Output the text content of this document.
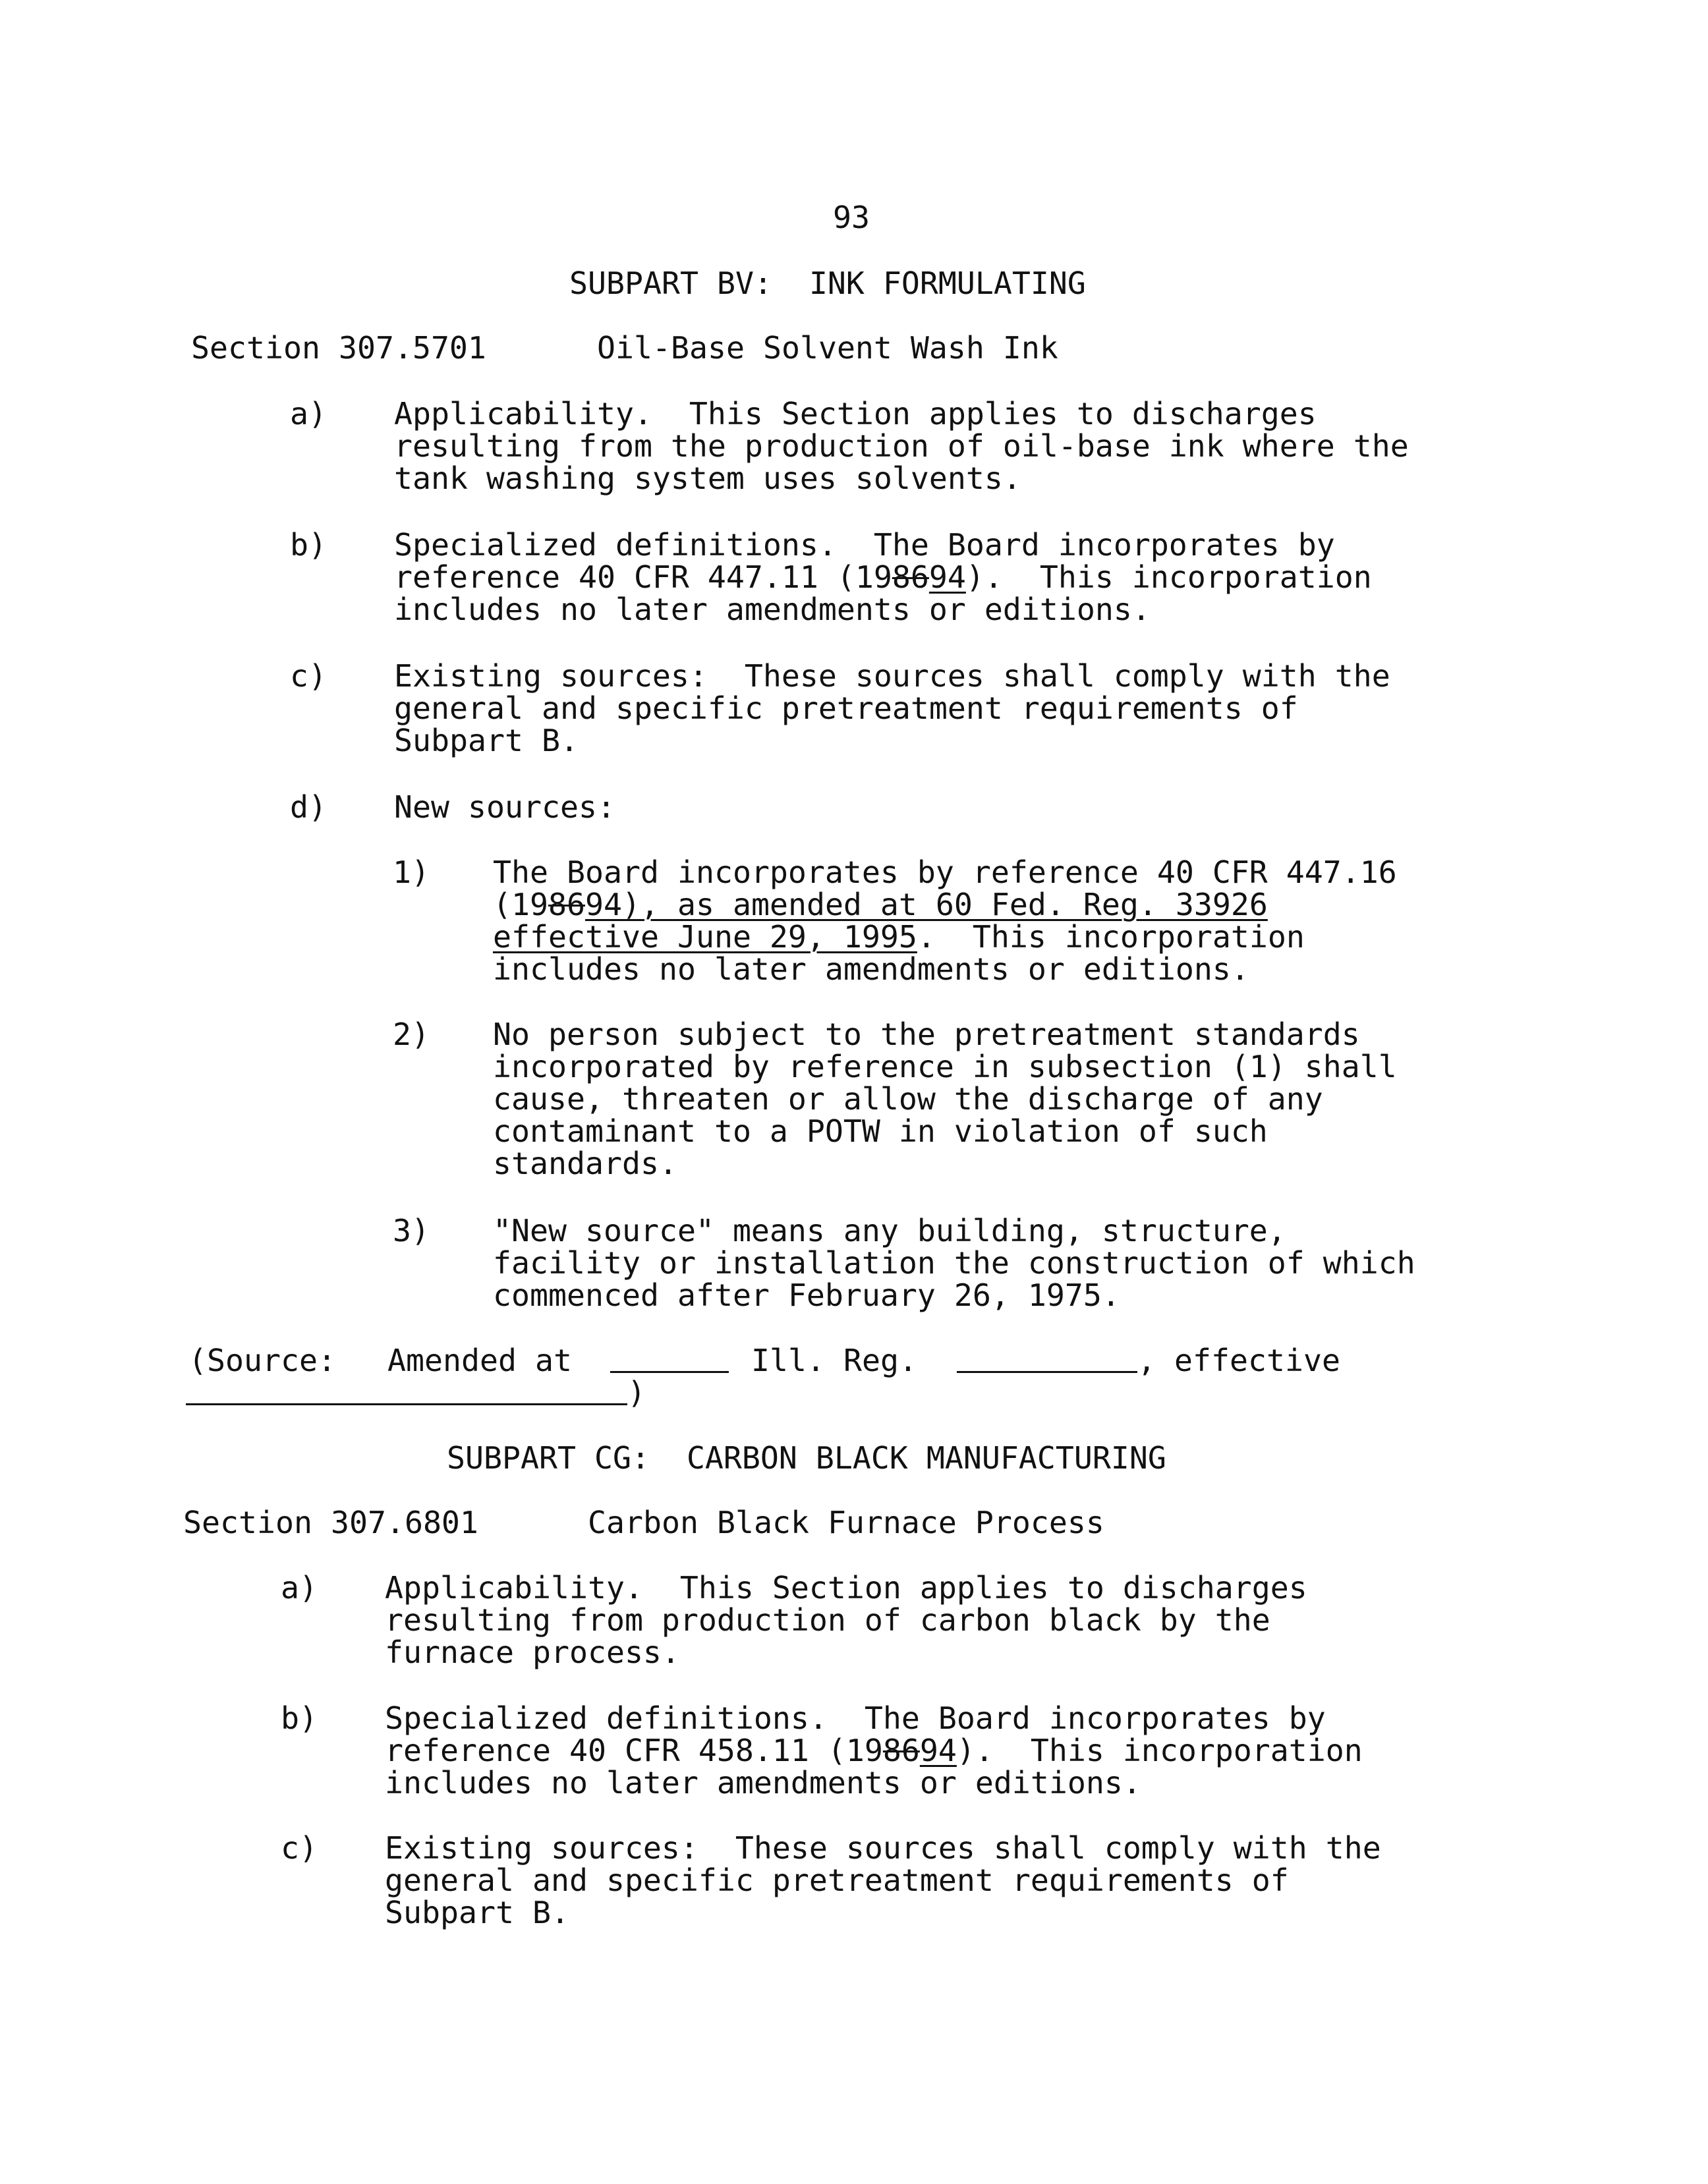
93
SUBPART BV:  INK FORMULATING
Section 307.5701	Oil-Base Solvent Wash Ink
a) Applicability.  This Section applies to discharges
resulting from the production of oil-base ink where the
tank washing system uses solvents.
b) Specialized definitions.  The Board incorporates by
reference 40 CFR 447.11 (198694).  This incorporation
includes no later amendments or editions.
c) Existing sources:  These sources shall comply with the
general and specific pretreatment requirements of
Subpart B.
d) New sources:
1) The Board incorporates by reference 40 CFR 447.16
(198694), as amended at 60 Fed. Reg. 33926
effective June 29, 1995.  This incorporation
includes no later amendments or editions.
2) No person subject to the pretreatment standards
incorporated by reference in subsection (1) shall
cause, threaten or allow the discharge of any
contaminant to a POTW in violation of such
standards.
3) "New source" means any building, structure,
facility or installation the construction of which
commenced after February 26, 1975.
(Source: Amended at	Ill. Reg.	, effective
)
SUBPART CG:  CARBON BLACK MANUFACTURING
Section 307.6801	Carbon Black Furnace Process
a) Applicability.  This Section applies to discharges
resulting from production of carbon black by the
furnace process.
b) Specialized definitions.  The Board incorporates by
reference 40 CFR 458.11 (198694).  This incorporation
includes no later amendments or editions.
c) Existing sources:  These sources shall comply with the
general and specific pretreatment requirements of
Subpart B.
